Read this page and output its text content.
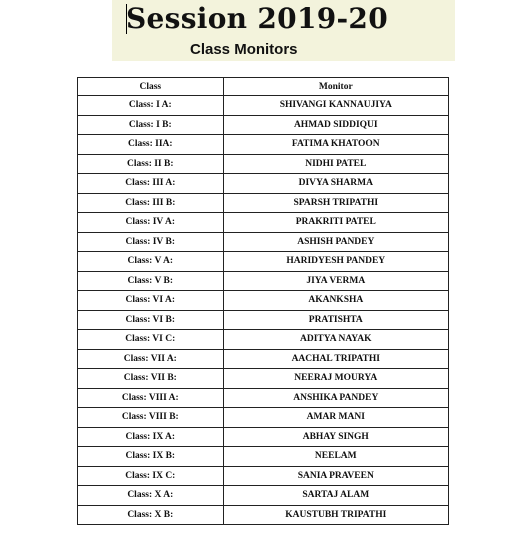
Session 2019-20
Class Monitors
Class	Monitor
Class: I A:	SHIVANGI KANNAUJIYA
Class: I B:	AHMAD SIDDIQUI
Class: IIA:	FATIMA KHATOON
Class: II B:	NIDHI PATEL
Class: III A:	DIVYA SHARMA
Class: III B:	SPARSH TRIPATHI
Class: IV A:	PRAKRITI PATEL
Class: IV B:	ASHISH PANDEY
Class: V A:	HARIDYESH PANDEY
Class: V B:	JIYA VERMA
Class: VI A:	AKANKSHA
Class: VI B:	PRATISHTA
Class: VI C:	ADITYA NAYAK
Class: VII A:	AACHAL TRIPATHI
Class: VII B:	NEERAJ MOURYA
Class: VIII A:	ANSHIKA PANDEY
Class: VIII B:	AMAR MANI
Class: IX A:	ABHAY SINGH
Class: IX B:	NEELAM
Class: IX C:	SANIA PRAVEEN
Class: X A:	SARTAJ ALAM
Class: X B:	KAUSTUBH TRIPATHI
